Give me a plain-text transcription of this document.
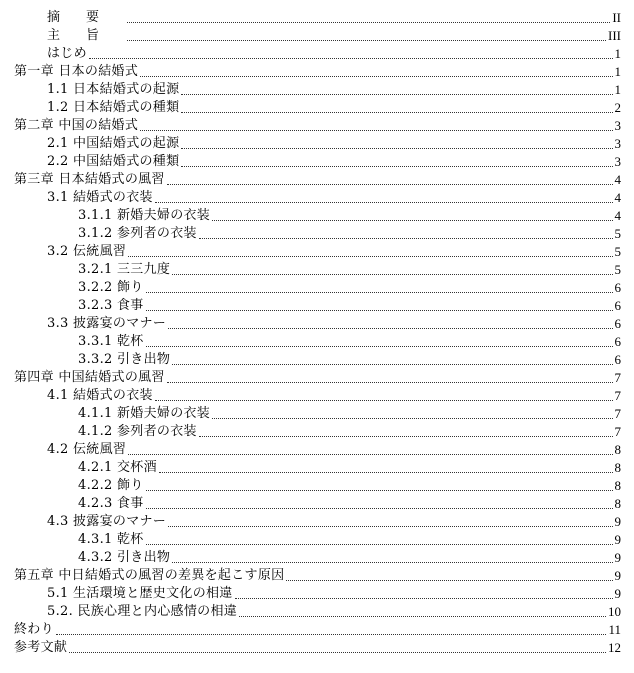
摘要	II
主旨	III
はじめ	1
第一章 日本の結婚式	1
1.1 日本結婚式の起源	1
1.2 日本結婚式の種類	2
第二章 中国の結婚式	3
2.1 中国結婚式の起源	3
2.2 中国結婚式の種類	3
第三章 日本結婚式の風習	4
3.1 結婚式の衣装	4
3.1.1 新婚夫婦の衣装	4
3.1.2 参列者の衣装	5
3.2 伝統風習	5
3.2.1 三三九度	5
3.2.2 飾り	6
3.2.3 食事	6
3.3 披露宴のマナー	6
3.3.1 乾杯	6
3.3.2 引き出物	6
第四章 中国結婚式の風習	7
4.1 結婚式の衣装	7
4.1.1 新婚夫婦の衣装	7
4.1.2 参列者の衣装	7
4.2 伝統風習	8
4.2.1 交杯酒	8
4.2.2 飾り	8
4.2.3 食事	8
4.3 披露宴のマナー	9
4.3.1 乾杯	9
4.3.2 引き出物	9
第五章 中日結婚式の風習の差異を起こす原因	9
5.1 生活環境と歴史文化の相違	9
5.2. 民族心理と内心感情の相違	10
終わり	11
参考文献	12
